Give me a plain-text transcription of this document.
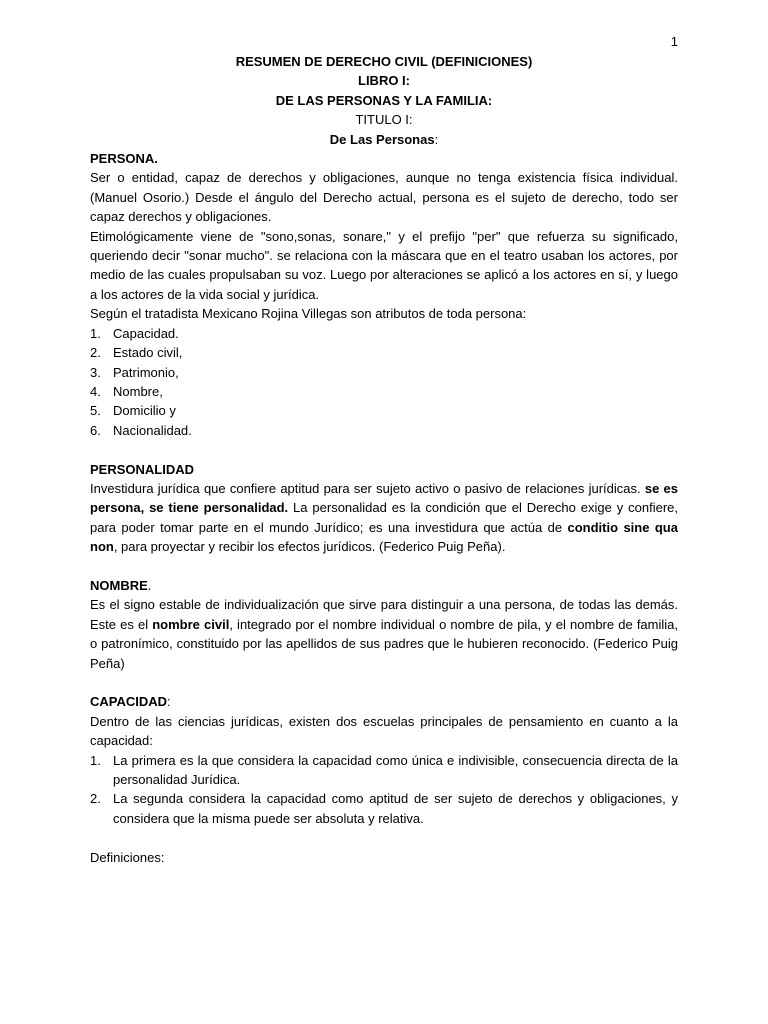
1
RESUMEN DE DERECHO CIVIL (DEFINICIONES)
LIBRO I:
DE LAS PERSONAS Y LA FAMILIA:
TITULO I:
De Las Personas:
PERSONA.

Ser o entidad, capaz de derechos y obligaciones, aunque no tenga existencia física individual. (Manuel Osorio.) Desde el ángulo del Derecho actual, persona es el sujeto de derecho, todo ser capaz derechos y obligaciones.

Etimológicamente viene de "sono,sonas, sonare," y el prefijo "per" que refuerza su significado, queriendo decir "sonar mucho". se relaciona con la máscara que en el teatro usaban los actores, por medio de las cuales propulsaban su voz. Luego por alteraciones se aplicó a los actores en sí, y luego a los actores de la vida social y jurídica.

Según el tratadista Mexicano Rojina Villegas son atributos de toda persona:

1. Capacidad.
2. Estado civil,
3. Patrimonio,
4. Nombre,
5. Domicilio y
6. Nacionalidad.
PERSONALIDAD

Investidura jurídica que confiere aptitud para ser sujeto activo o pasivo de relaciones jurídicas. se es persona, se tiene personalidad. La personalidad es la condición que el Derecho exige y confiere, para poder tomar parte en el mundo Jurídico; es una investidura que actúa de conditio sine qua non, para proyectar y recibir los efectos jurídicos. (Federico Puig Peña).

NOMBRE.

Es el signo estable de individualización que sirve para distinguir a una persona, de todas las demás. Este es el nombre civil, integrado por el nombre individual o nombre de pila, y el nombre de familia, o patronímico, constituido por las apellidos de sus padres que le hubieren reconocido. (Federico Puig Peña)

CAPACIDAD:

Dentro de las ciencias jurídicas, existen dos escuelas principales de pensamiento en cuanto a la capacidad:

1. La primera es la que considera la capacidad como única e indivisible, consecuencia directa de la personalidad Jurídica.
2. La segunda considera la capacidad como aptitud de ser sujeto de derechos y obligaciones, y considera que la misma puede ser absoluta y relativa.

Definiciones:
